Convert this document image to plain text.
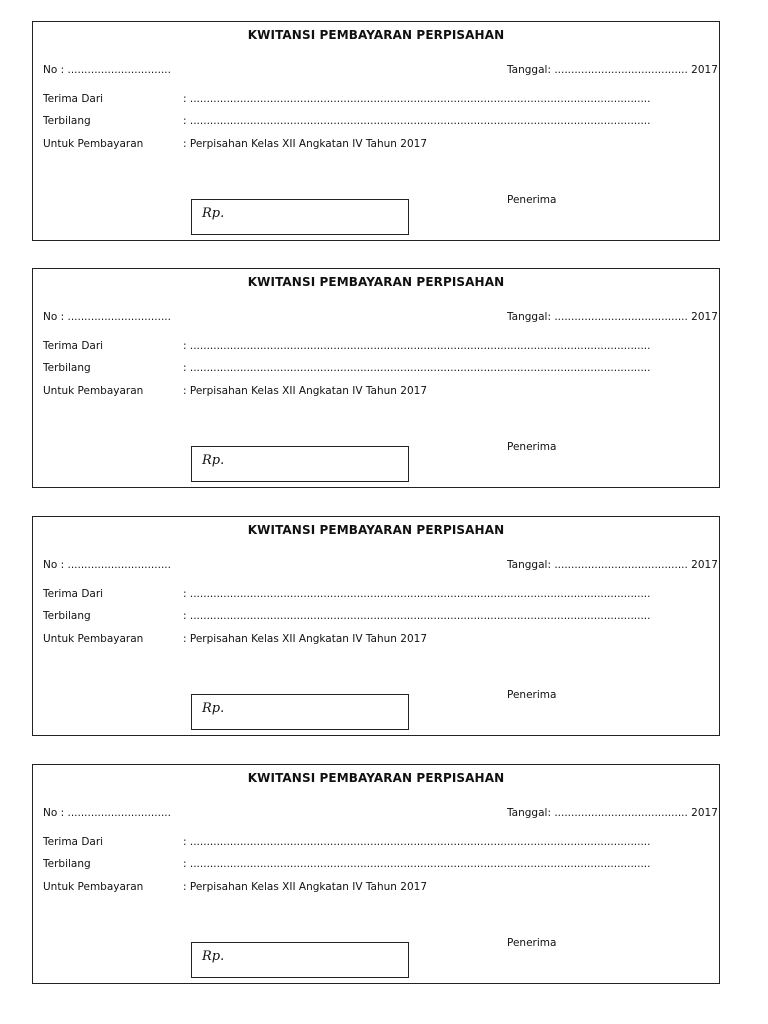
KWITANSI PEMBAYARAN PERPISAHAN
No : ...............................	Tanggal: ........................................ 2017
Terima Dari	: ..........................................................................................................................................
Terbilang	: ..........................................................................................................................................
Untuk Pembayaran	: Perpisahan Kelas XII Angkatan IV Tahun 2017
Rp.
Penerima
KWITANSI PEMBAYARAN PERPISAHAN
No : ...............................	Tanggal: ........................................ 2017
Terima Dari	: ..........................................................................................................................................
Terbilang	: ..........................................................................................................................................
Untuk Pembayaran	: Perpisahan Kelas XII Angkatan IV Tahun 2017
Rp.
Penerima
KWITANSI PEMBAYARAN PERPISAHAN
No : ...............................	Tanggal: ........................................ 2017
Terima Dari	: ..........................................................................................................................................
Terbilang	: ..........................................................................................................................................
Untuk Pembayaran	: Perpisahan Kelas XII Angkatan IV Tahun 2017
Rp.
Penerima
KWITANSI PEMBAYARAN PERPISAHAN
No : ...............................	Tanggal: ........................................ 2017
Terima Dari	: ..........................................................................................................................................
Terbilang	: ..........................................................................................................................................
Untuk Pembayaran	: Perpisahan Kelas XII Angkatan IV Tahun 2017
Rp.
Penerima
